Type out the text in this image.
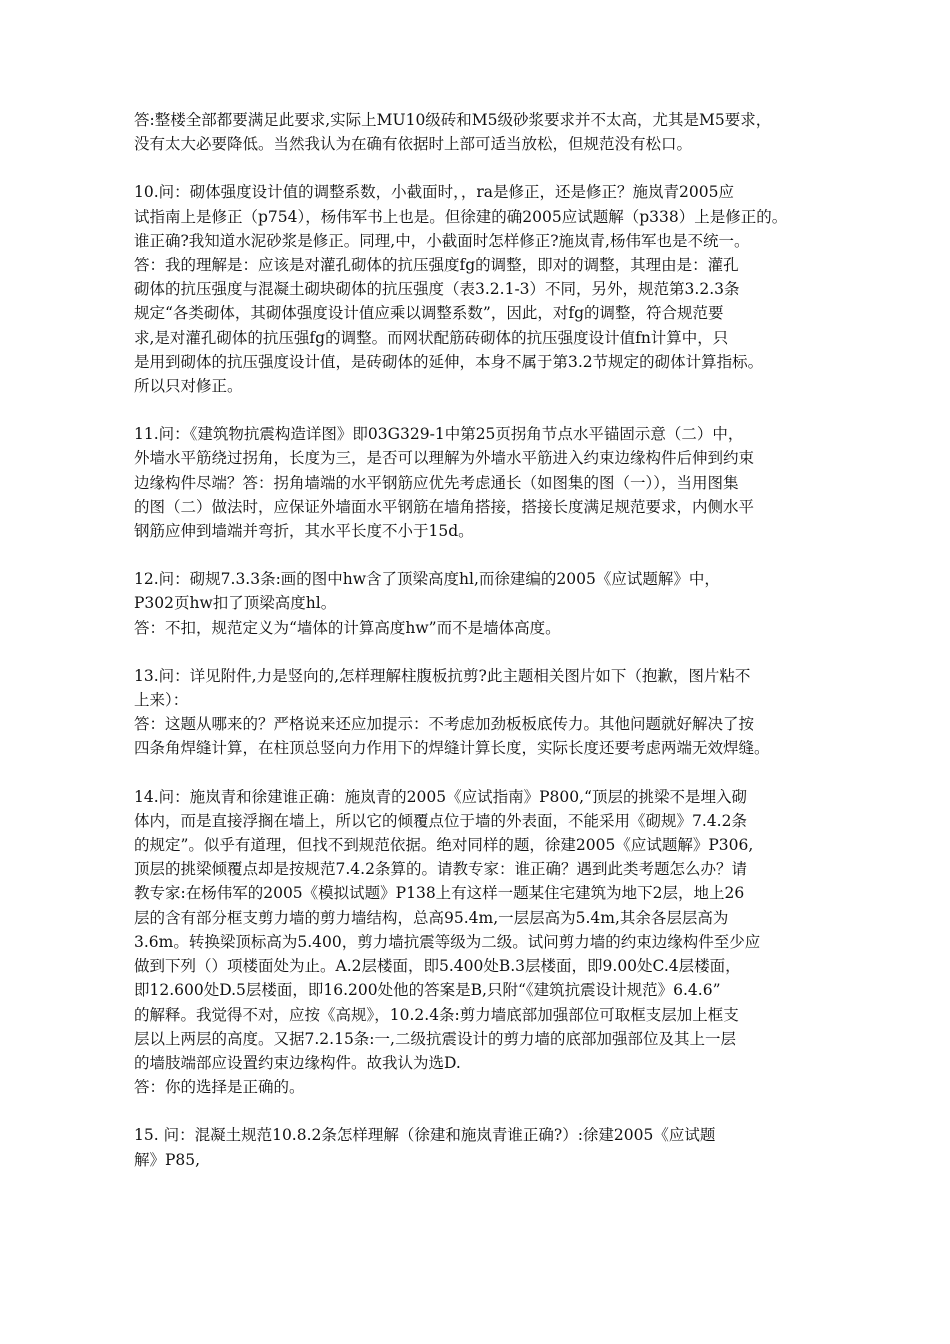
答:整楼全部都要满足此要求,实际上MU10级砖和M5级砂浆要求并不太高，尤其是M5要求，
没有太大必要降低。当然我认为在确有依据时上部可适当放松，但规范没有松口。

10.问：砌体强度设计值的调整系数，小截面时，，ra是修正，还是修正？施岚青2005应
试指南上是修正（p754），杨伟军书上也是。但徐建的确2005应试题解（p338）上是修正的。
谁正确?我知道水泥砂浆是修正。同理,中，小截面时怎样修正?施岚青,杨伟军也是不统一。
答：我的理解是：应该是对灌孔砌体的抗压强度fg的调整，即对的调整，其理由是：灌孔
砌体的抗压强度与混凝土砌块砌体的抗压强度（表3.2.1-3）不同，另外，规范第3.2.3条
规定“各类砌体，其砌体强度设计值应乘以调整系数”，因此，对fg的调整，符合规范要
求,是对灌孔砌体的抗压强fg的调整。而网状配筋砖砌体的抗压强度设计值fn计算中，只
是用到砌体的抗压强度设计值，是砖砌体的延伸，本身不属于第3.2节规定的砌体计算指标。
所以只对修正。

11.问：《建筑物抗震构造详图》即03G329-1中第25页拐角节点水平锚固示意（二）中，
外墙水平筋绕过拐角，长度为三，是否可以理解为外墙水平筋进入约束边缘构件后伸到约束
边缘构件尽端？答：拐角墙端的水平钢筋应优先考虑通长（如图集的图（一）），当用图集
的图（二）做法时，应保证外墙面水平钢筋在墙角搭接，搭接长度满足规范要求，内侧水平
钢筋应伸到墙端并弯折，其水平长度不小于15d。

12.问：砌规7.3.3条:画的图中hw含了顶梁高度hl,而徐建编的2005《应试题解》中，
P302页hw扣了顶梁高度hl。
答：不扣，规范定义为“墙体的计算高度hw”而不是墙体高度。

13.问：详见附件,力是竖向的,怎样理解柱腹板抗剪?此主题相关图片如下（抱歉，图片粘不
上来）：
答：这题从哪来的？严格说来还应加提示：不考虑加劲板板底传力。其他问题就好解决了按
四条角焊缝计算，在柱顶总竖向力作用下的焊缝计算长度，实际长度还要考虑两端无效焊缝。

14.问：施岚青和徐建谁正确：施岚青的2005《应试指南》P800,“顶层的挑梁不是埋入砌
体内，而是直接浮搁在墙上，所以它的倾覆点位于墙的外表面，不能采用《砌规》7.4.2条
的规定”。似乎有道理，但找不到规范依据。绝对同样的题，徐建2005《应试题解》P306,
顶层的挑梁倾覆点却是按规范7.4.2条算的。请教专家：谁正确？遇到此类考题怎么办？请
教专家:在杨伟军的2005《模拟试题》P138上有这样一题某住宅建筑为地下2层，地上26
层的含有部分框支剪力墙的剪力墙结构，总高95.4m,一层层高为5.4m,其余各层层高为
3.6m。转换梁顶标高为5.400，剪力墙抗震等级为二级。试问剪力墙的约束边缘构件至少应
做到下列（）项楼面处为止。A.2层楼面，即5.400处B.3层楼面，即9.00处C.4层楼面，
即12.600处D.5层楼面，即16.200处他的答案是B,只附“《建筑抗震设计规范》6.4.6”
的解释。我觉得不对，应按《高规》，10.2.4条:剪力墙底部加强部位可取框支层加上框支
层以上两层的高度。又据7.2.15条:一,二级抗震设计的剪力墙的底部加强部位及其上一层
的墙肢端部应设置约束边缘构件。故我认为选D.
答：你的选择是正确的。

15. 问：混凝土规范10.8.2条怎样理解（徐建和施岚青谁正确?）:徐建2005《应试题
解》P85,
